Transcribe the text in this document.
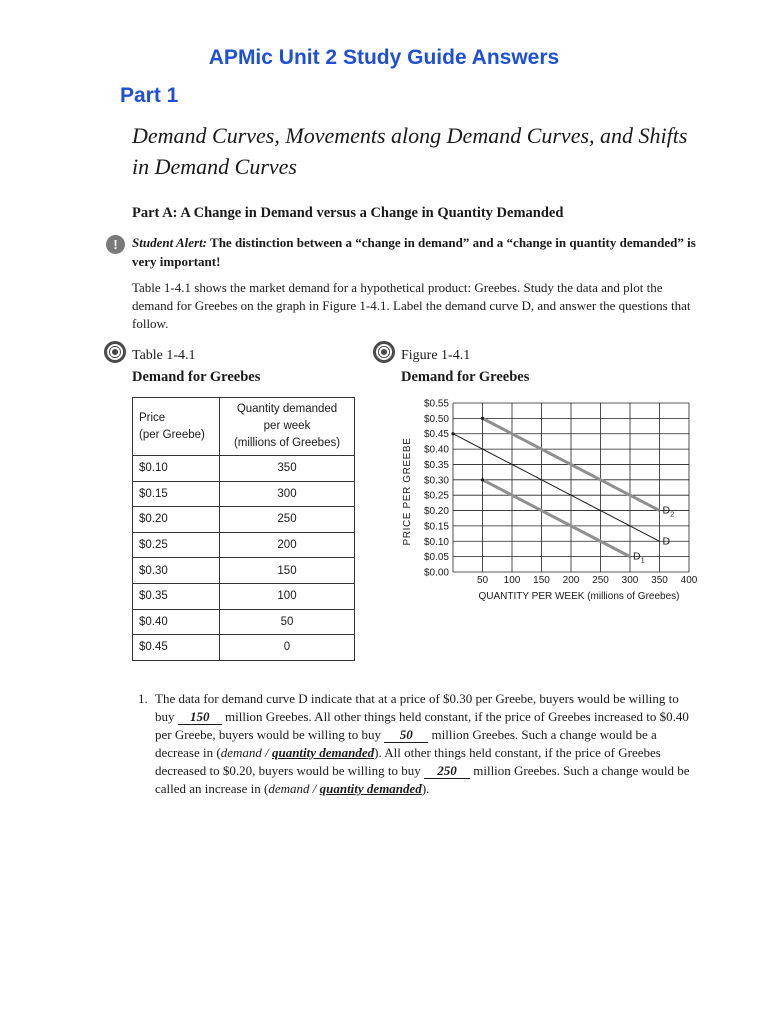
APMic Unit 2 Study Guide Answers
Part 1
Demand Curves, Movements along Demand Curves, and Shifts in Demand Curves
Part A: A Change in Demand versus a Change in Quantity Demanded
!	Student Alert: The distinction between a “change in demand” and a “change in quantity demanded” is very important!
Table 1-4.1 shows the market demand for a hypothetical product: Greebes. Study the data and plot the demand for Greebes on the graph in Figure 1-4.1. Label the demand curve D, and answer the questions that follow.
Table 1-4.1
Demand for Greebes
Price
(per Greebe)	Quantity demanded
per week
(millions of Greebes)
$0.10	350
$0.15	300
$0.20	250
$0.25	200
$0.30	150
$0.35	100
$0.40	50
$0.45	0
Figure 1-4.1
Demand for Greebes
$0.00
$0.05
$0.10
$0.15
$0.20
$0.25
$0.30
$0.35
$0.40
$0.45
$0.50
$0.55
50 100 150 200 250 300 350 400
QUANTITY PER WEEK (millions of Greebes)
PRICE PER GREEBE	$D_2$
$D_1$
D
1. The data for demand curve D indicate that at a price of $0.30 per Greebe, buyers would be willing to buy 150 million Greebes. All other things held constant, if the price of Greebes increased to $0.40 per Greebe, buyers would be willing to buy 50 million Greebes. Such a change would be a decrease in (demand / quantity demanded). All other things held constant, if the price of Greebes decreased to $0.20, buyers would be willing to buy 250 million Greebes. Such a change would be called an increase in (demand / quantity demanded).
